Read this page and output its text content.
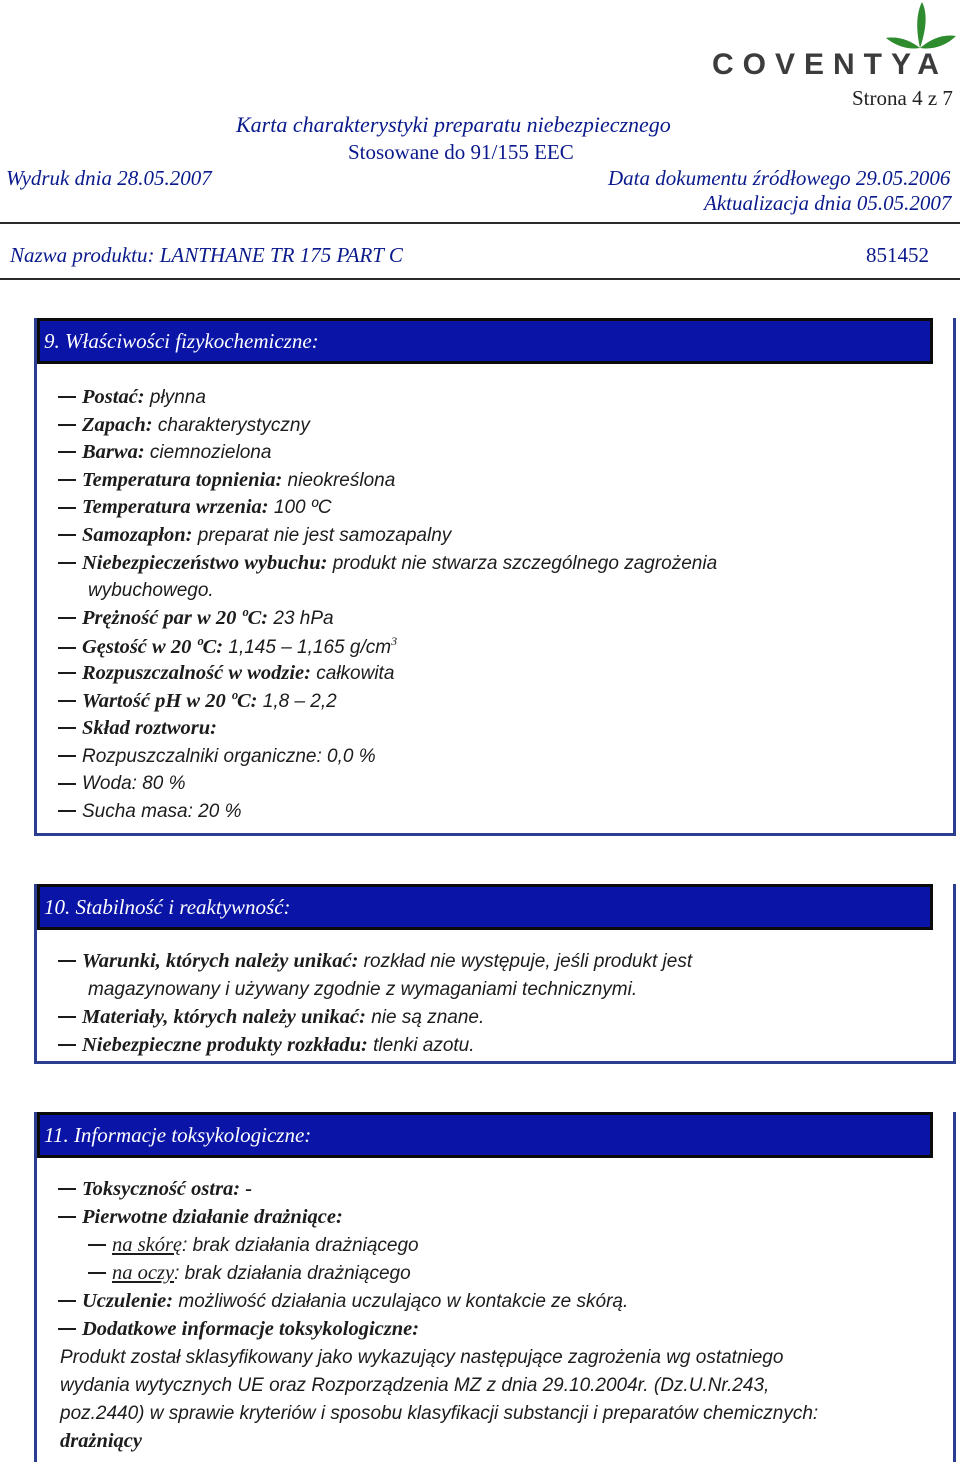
COVENTYA
Strona 4 z 7
Karta charakterystyki preparatu niebezpiecznego
Stosowane do 91/155 EEC
Wydruk dnia 28.05.2007	Data dokumentu źródłowego 29.05.2006
Aktualizacja dnia 05.05.2007
Nazwa produktu: LANTHANE TR 175 PART C	851452
9. Właściwości fizykochemiczne:
Postać: płynna
Zapach: charakterystyczny
Barwa: ciemnozielona
Temperatura topnienia: nieokreślona
Temperatura wrzenia: 100 ºC
Samozapłon: preparat nie jest samozapalny
Niebezpieczeństwo wybuchu: produkt nie stwarza szczególnego zagrożenia
wybuchowego.
Prężność par w 20 ºC: 23 hPa
Gęstość w 20 ºC: 1,145 – 1,165 $g/cm^3$
Rozpuszczalność w wodzie: całkowita
Wartość pH w 20 ºC: 1,8 – 2,2
Skład roztworu:
Rozpuszczalniki organiczne: 0,0 %
Woda: 80 %
Sucha masa: 20 %
10. Stabilność i reaktywność:
Warunki, których należy unikać: rozkład nie występuje, jeśli produkt jest
magazynowany i używany zgodnie z wymaganiami technicznymi.
Materiały, których należy unikać: nie są znane.
Niebezpieczne produkty rozkładu: tlenki azotu.
11. Informacje toksykologiczne:
Toksyczność ostra: -
Pierwotne działanie drażniące:
na skórę: brak działania drażniącego
na oczy: brak działania drażniącego
Uczulenie: możliwość działania uczulająco w kontakcie ze skórą.
Dodatkowe informacje toksykologiczne:
Produkt został sklasyfikowany jako wykazujący następujące zagrożenia wg ostatniego
wydania wytycznych UE oraz Rozporządzenia MZ z dnia 29.10.2004r. (Dz.U.Nr.243,
poz.2440) w sprawie kryteriów i sposobu klasyfikacji substancji i preparatów chemicznych:
drażniący
